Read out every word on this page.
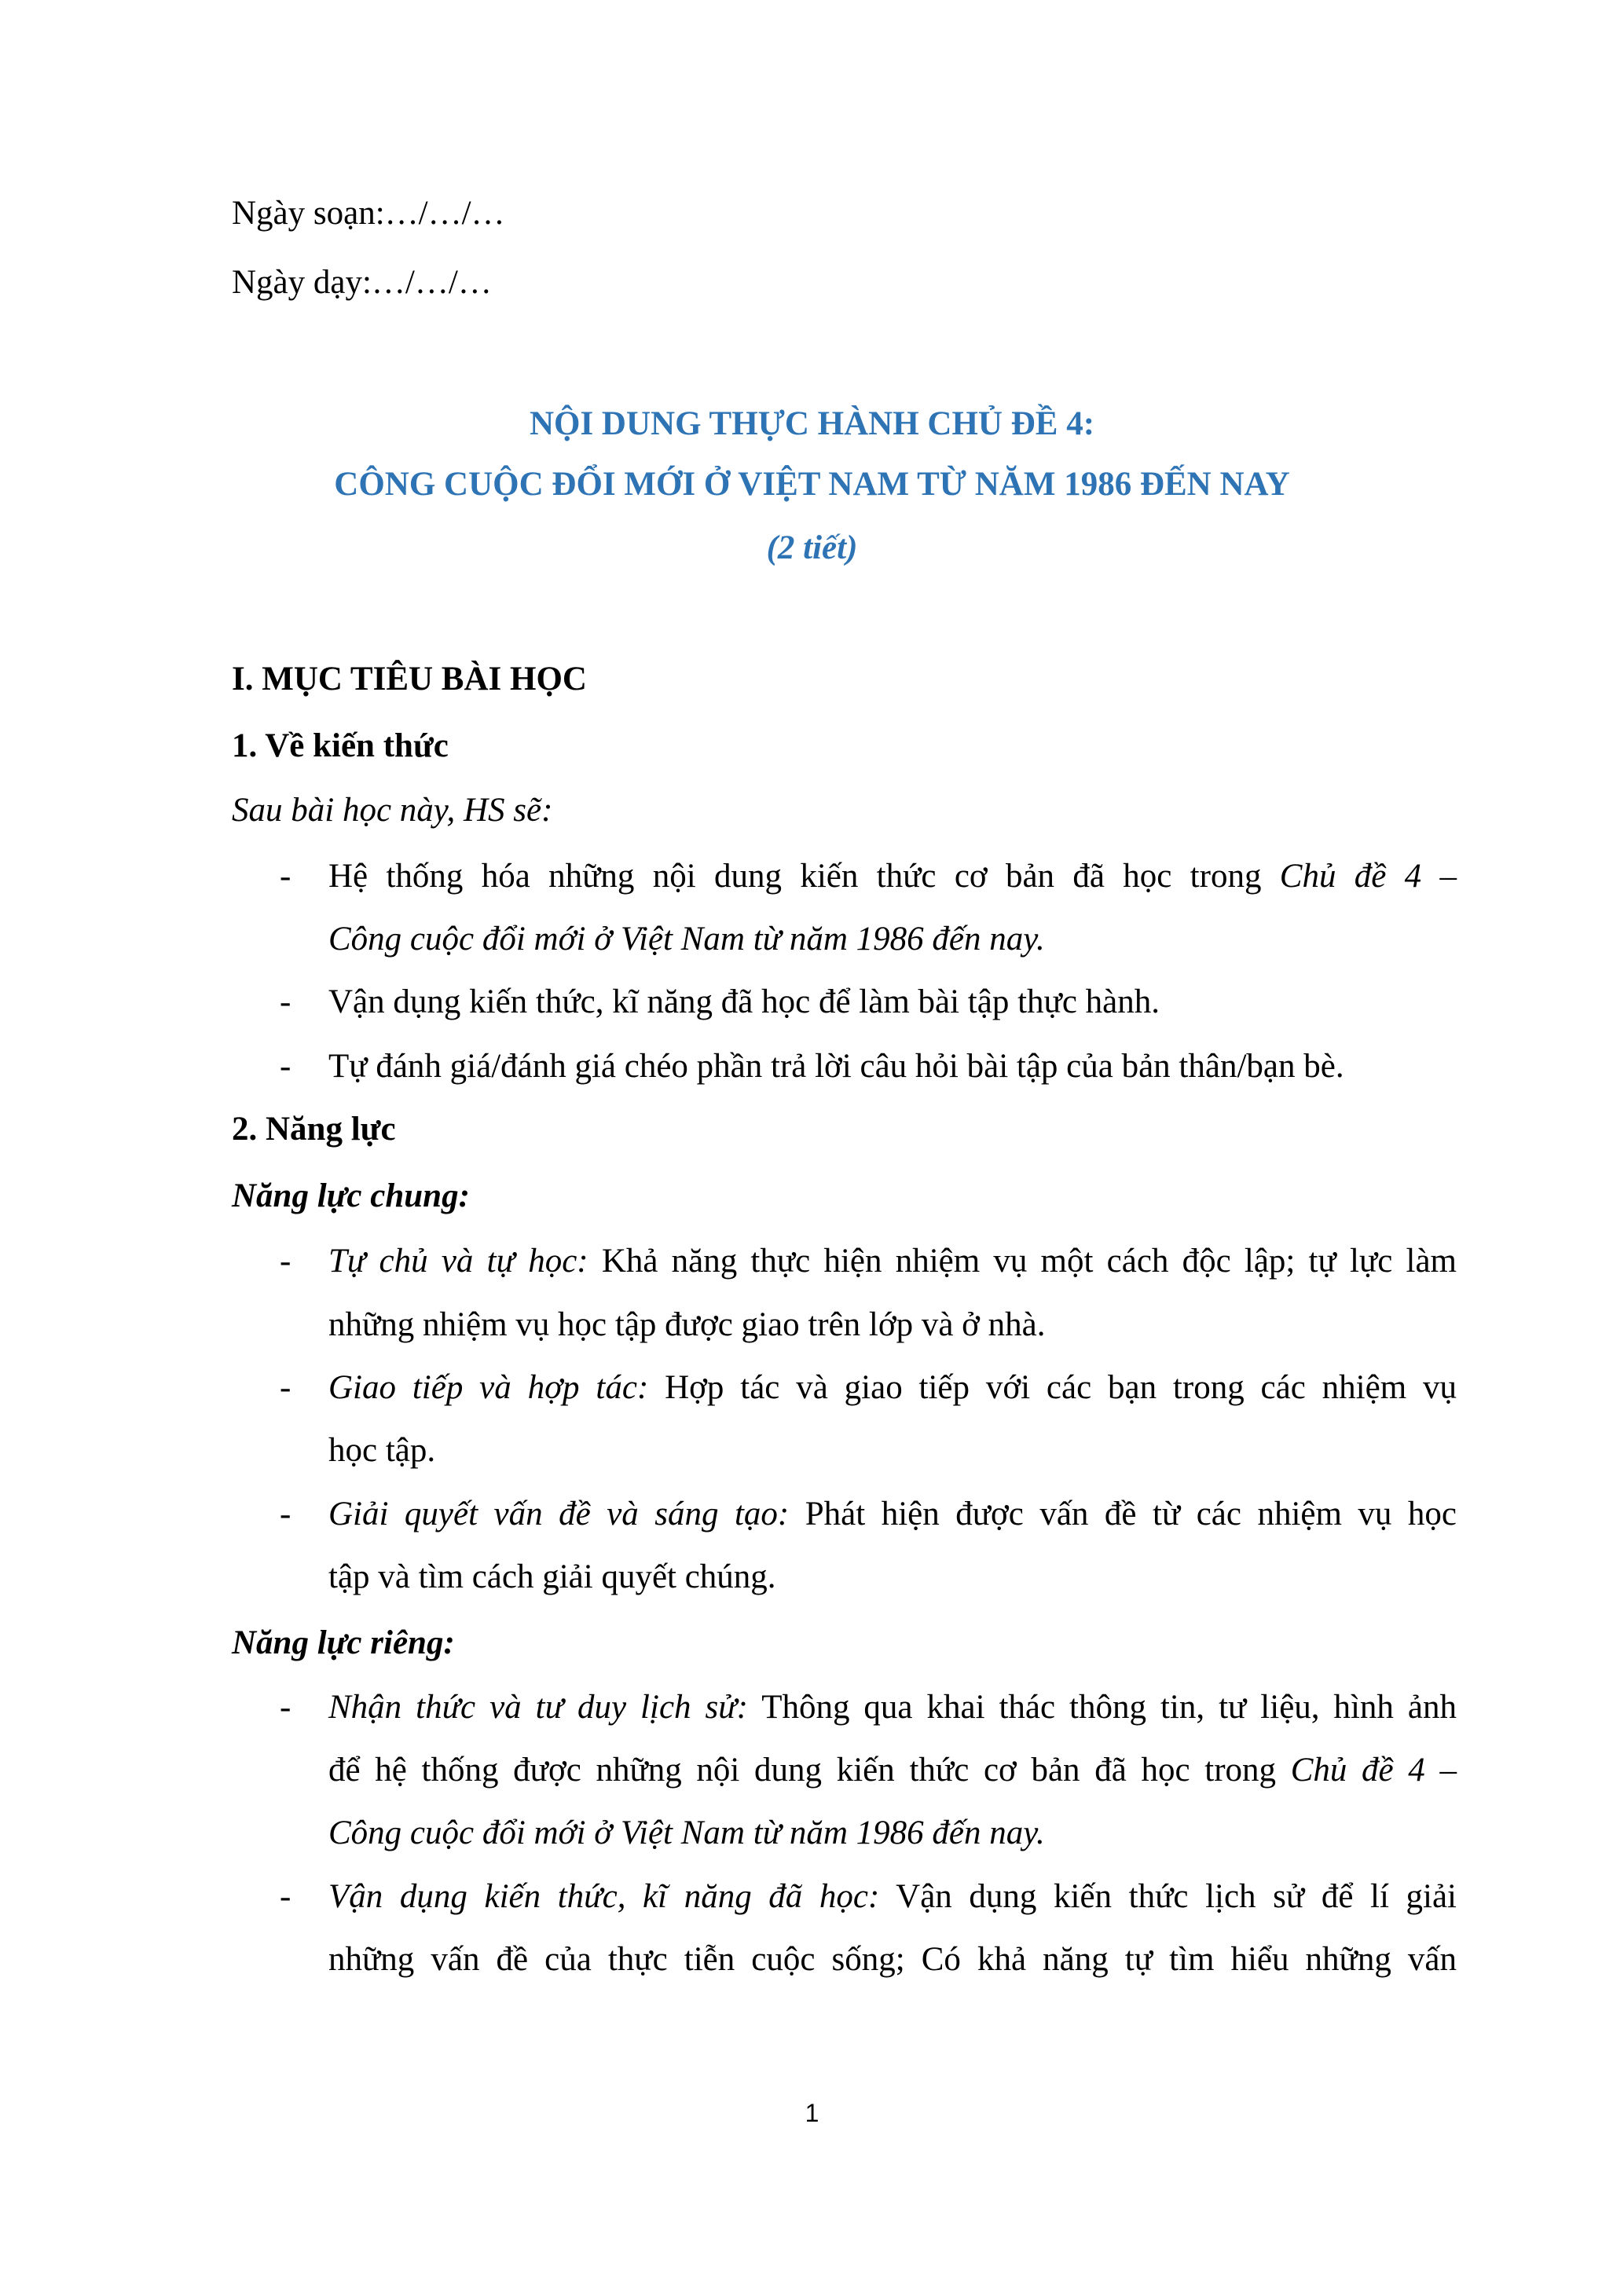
Ngày soạn:…/…/…
Ngày dạy:…/…/…
NỘI DUNG THỰC HÀNH CHỦ ĐỀ 4:
CÔNG CUỘC ĐỔI MỚI Ở VIỆT NAM TỪ NĂM 1986 ĐẾN NAY
(2 tiết)
I. MỤC TIÊU BÀI HỌC
1. Về kiến thức
Sau bài học này, HS sẽ:
- Hệ thống hóa những nội dung kiến thức cơ bản đã học trong Chủ đề 4 –
Công cuộc đổi mới ở Việt Nam từ năm 1986 đến nay.
- Vận dụng kiến thức, kĩ năng đã học để làm bài tập thực hành.
- Tự đánh giá/đánh giá chéo phần trả lời câu hỏi bài tập của bản thân/bạn bè.
2. Năng lực
Năng lực chung:
- Tự chủ và tự học: Khả năng thực hiện nhiệm vụ một cách độc lập; tự lực làm
những nhiệm vụ học tập được giao trên lớp và ở nhà.
- Giao tiếp và hợp tác: Hợp tác và giao tiếp với các bạn trong các nhiệm vụ
học tập.
- Giải quyết vấn đề và sáng tạo: Phát hiện được vấn đề từ các nhiệm vụ học
tập và tìm cách giải quyết chúng.
Năng lực riêng:
- Nhận thức và tư duy lịch sử: Thông qua khai thác thông tin, tư liệu, hình ảnh
để hệ thống được những nội dung kiến thức cơ bản đã học trong Chủ đề 4 –
Công cuộc đổi mới ở Việt Nam từ năm 1986 đến nay.
- Vận dụng kiến thức, kĩ năng đã học: Vận dụng kiến thức lịch sử để lí giải
những vấn đề của thực tiễn cuộc sống; Có khả năng tự tìm hiểu những vấn
1
